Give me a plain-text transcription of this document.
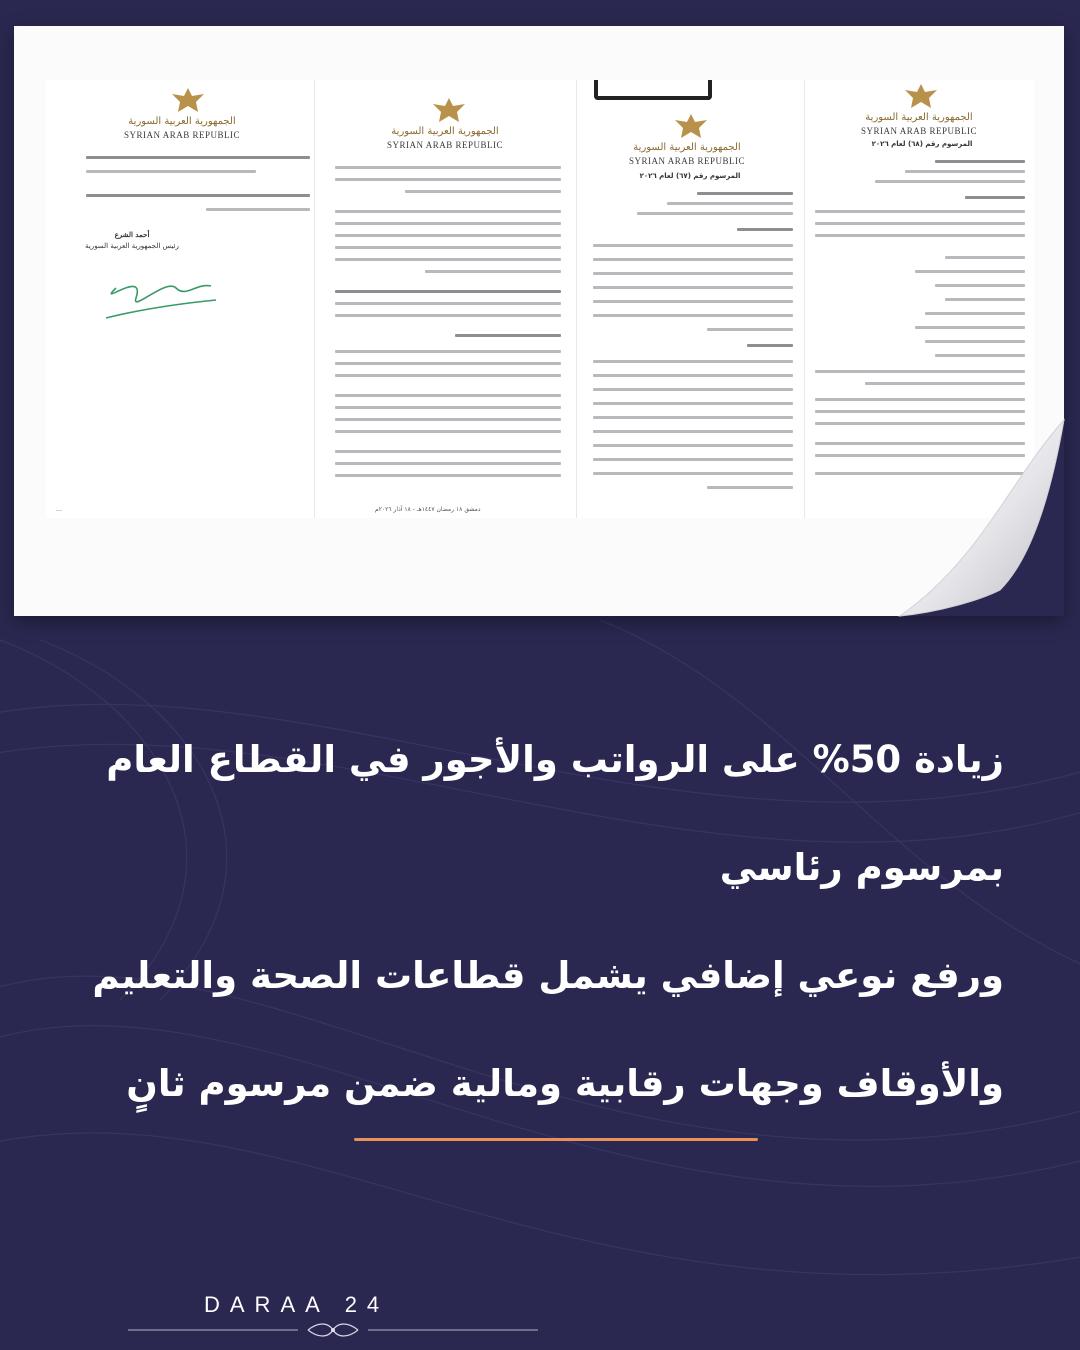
الجمهورية العربية السورية
SYRIAN ARAB REPUBLIC
أحمد الشرع
رئيس الجمهورية العربية السورية
…
الجمهورية العربية السورية
SYRIAN ARAB REPUBLIC
دمشق ١٨ رمضان ١٤٤٧هـ - ١٨ آذار ٢٠٢٦م
الجمهورية العربية السورية
SYRIAN ARAB REPUBLIC
المرسوم رقم (٦٧) لعام ٢٠٢٦
الجمهورية العربية السورية
SYRIAN ARAB REPUBLIC
المرسوم رقم (٦٨) لعام ٢٠٢٦
زيادة 50% على الرواتب والأجور في القطاع العام
بمرسوم رئاسي
ورفع نوعي إضافي يشمل قطاعات الصحة والتعليم
والأوقاف وجهات رقابية ومالية ضمن مرسوم ثانٍ
DARAA 24
